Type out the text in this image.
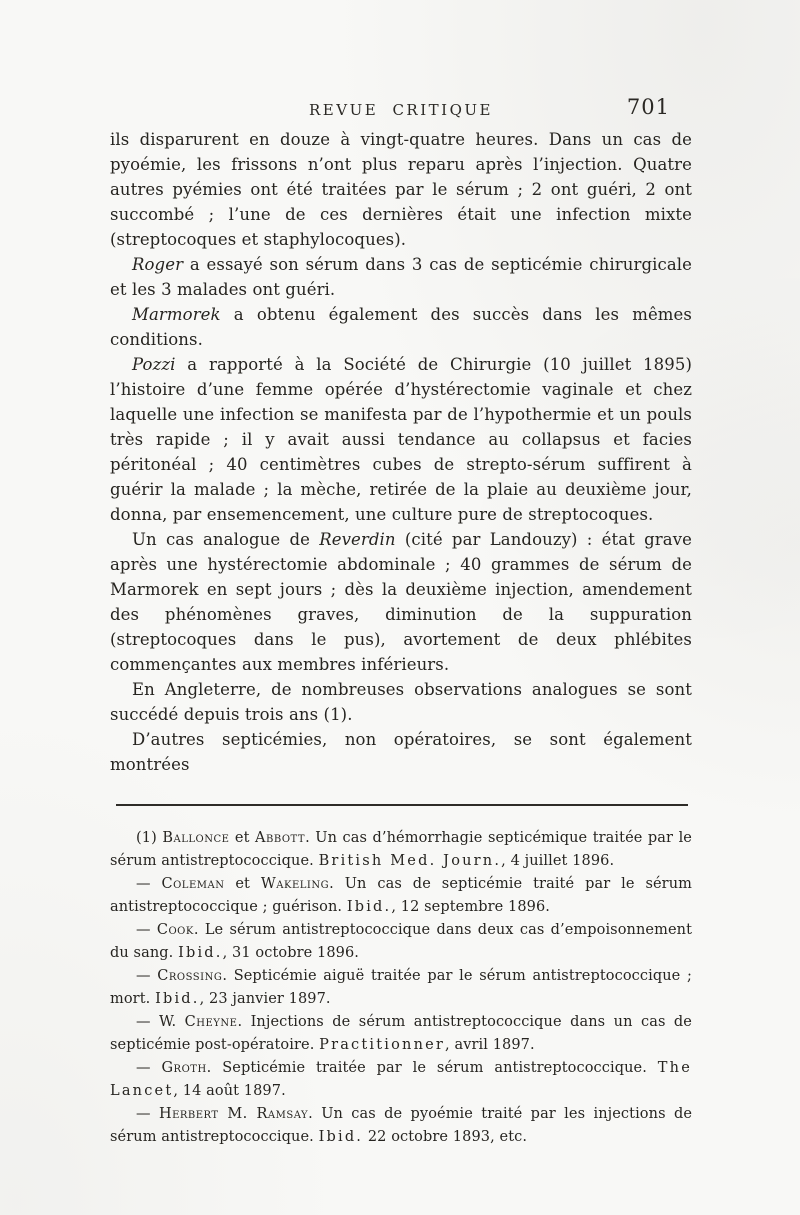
REVUE CRITIQUE	701

ils disparurent en douze à vingt-quatre heures. Dans un cas de pyoémie, les frissons n’ont plus reparu après l’injection. Quatre autres pyémies ont été traitées par le sérum ; 2 ont guéri, 2 ont succombé ; l’une de ces dernières était une infection mixte (streptocoques et staphylocoques).

Roger a essayé son sérum dans 3 cas de septicémie chirurgicale et les 3 malades ont guéri.

Marmorek a obtenu également des succès dans les mêmes conditions.

Pozzi a rapporté à la Société de Chirurgie (10 juillet 1895) l’histoire d’une femme opérée d’hystérectomie vaginale et chez laquelle une infection se manifesta par de l’hypothermie et un pouls très rapide ; il y avait aussi tendance au collapsus et facies péritonéal ; 40 centimètres cubes de strepto-sérum suffirent à guérir la malade ; la mèche, retirée de la plaie au deuxième jour, donna, par ensemencement, une culture pure de streptocoques.

Un cas analogue de Reverdin (cité par Landouzy) : état grave après une hystérectomie abdominale ; 40 grammes de sérum de Marmorek en sept jours ; dès la deuxième injection, amendement des phénomènes graves, diminution de la suppuration (streptocoques dans le pus), avortement de deux phlébites commençantes aux membres inférieurs.

En Angleterre, de nombreuses observations analogues se sont succédé depuis trois ans (1).

D’autres septicémies, non opératoires, se sont également montrées

(1) Ballonce et Abbott. Un cas d’hémorrhagie septicémique traitée par le sérum antistreptococcique. British Med. Journ., 4 juillet 1896.

— Coleman et Wakeling. Un cas de septicémie traité par le sérum antistreptococcique ; guérison. Ibid., 12 septembre 1896.

— Cook. Le sérum antistreptococcique dans deux cas d’empoisonnement du sang. Ibid., 31 octobre 1896.

— Crossing. Septicémie aiguë traitée par le sérum antistreptococcique ; mort. Ibid., 23 janvier 1897.

— W. Cheyne. Injections de sérum antistreptococcique dans un cas de septicémie post-opératoire. Practitionner, avril 1897.

— Groth. Septicémie traitée par le sérum antistreptococcique. The Lancet, 14 août 1897.

— Herbert M. Ramsay. Un cas de pyoémie traité par les injections de sérum antistreptococcique. Ibid. 22 octobre 1893, etc.
